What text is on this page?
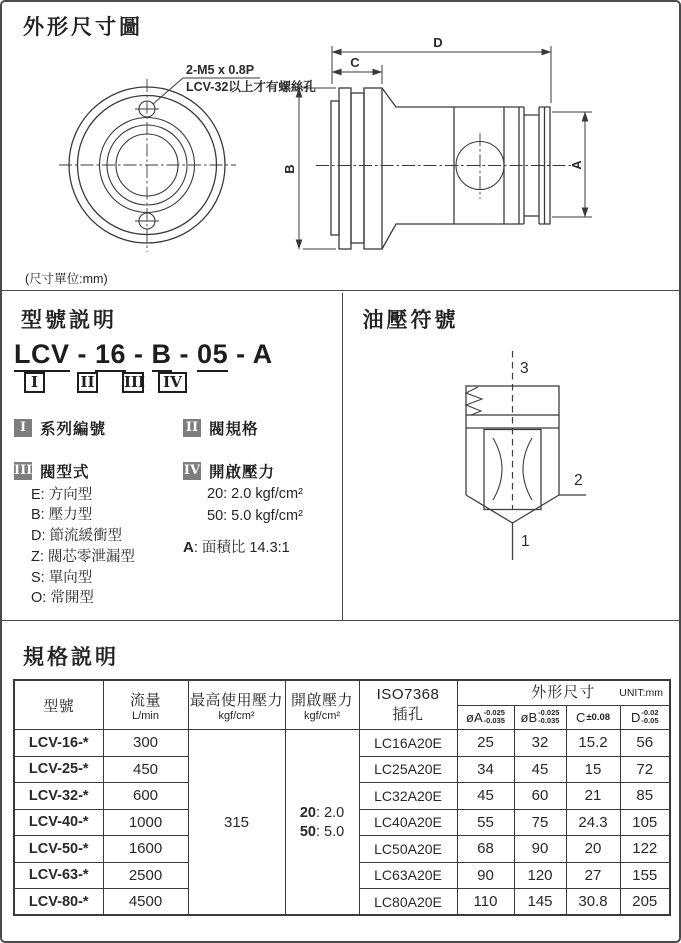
外形尺寸圖
D
C
B	A
2-M5 x 0.8P
LCV-32以上才有螺絲孔
(尺寸單位:mm)
型號説明
LCV - 16 - B - 05 - A
I	II III	IV
I 系列編號	II 閥規格
III 閥型式	IV 開啟壓力
E: 方向型
B: 壓力型
D: 節流緩衝型
Z: 閥芯零泄漏型
S: 單向型
O: 常開型
20: 2.0 kgf/cm²
50: 5.0 kgf/cm²
A: 面積比 14.3:1
油壓符號
3
2
1
規格説明
型號	流量
L/min

最高使用壓力
kgf/cm²

開啟壓力
kgf/cm²

ISO7368
插孔

外形尺寸 UNIT:mm

					øA -0.025
-0.035	øB -0.025
-0.035	C ±0.08	D -0.02
-0.05

LCV-16-*	300	315	20: 2.0
50: 5.0	LC16A20E	25	32	15.2	56
LCV-25-*	450			LC25A20E	34	45	15	72
LCV-32-*	600			LC32A20E	45	60	21	85
LCV-40-*	1000			LC40A20E	55	75	24.3	105
LCV-50-*	1600			LC50A20E	68	90	20	122
LCV-63-*	2500			LC63A20E	90	120	27	155
LCV-80-*	4500			LC80A20E	110	145	30.8	205
